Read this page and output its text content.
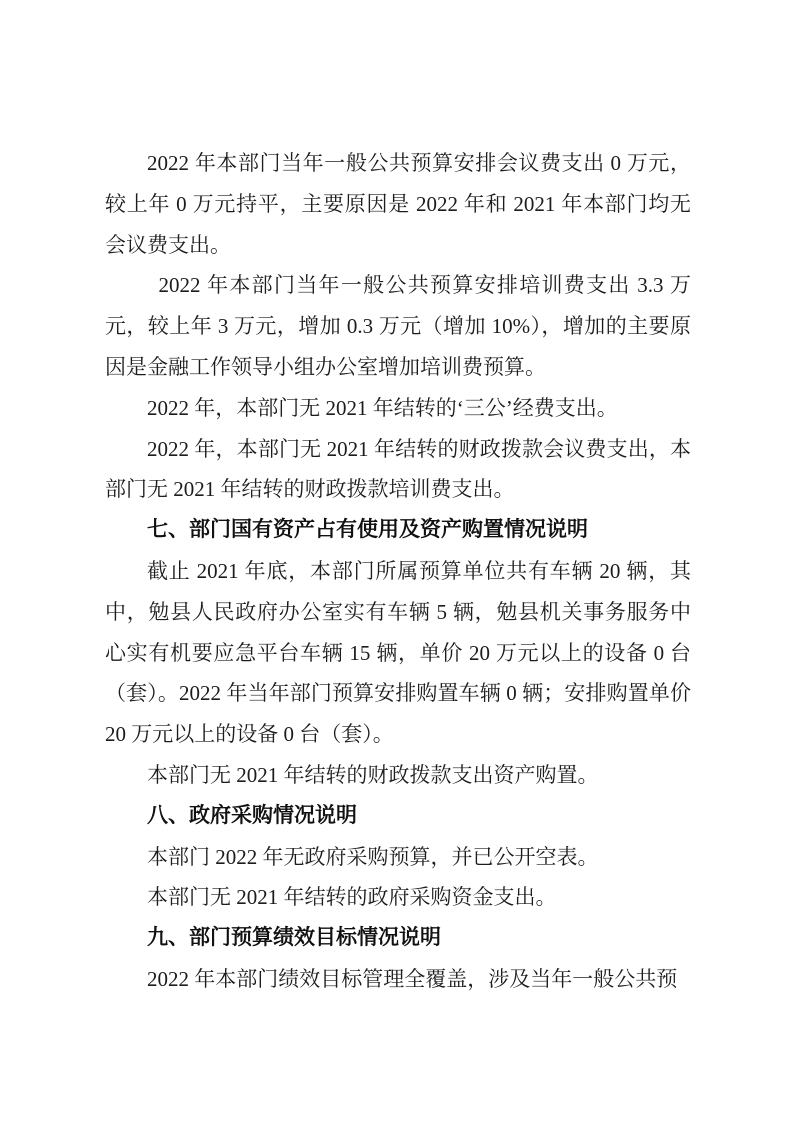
2022 年本部门当年一般公共预算安排会议费支出 0 万元，较上年 0 万元持平，主要原因是 2022 年和 2021 年本部门均无会议费支出。

2022 年本部门当年一般公共预算安排培训费支出 3.3 万元，较上年 3 万元，增加 0.3 万元（增加 10%），增加的主要原因是金融工作领导小组办公室增加培训费预算。

2022 年，本部门无 2021 年结转的‘三公’经费支出。

2022 年，本部门无 2021 年结转的财政拨款会议费支出，本部门无 2021 年结转的财政拨款培训费支出。

七、部门国有资产占有使用及资产购置情况说明

截止 2021 年底，本部门所属预算单位共有车辆 20 辆，其中，勉县人民政府办公室实有车辆 5 辆，勉县机关事务服务中心实有机要应急平台车辆 15 辆，单价 20 万元以上的设备 0 台（套）。2022 年当年部门预算安排购置车辆 0 辆；安排购置单价 20 万元以上的设备 0 台（套）。

本部门无 2021 年结转的财政拨款支出资产购置。

八、政府采购情况说明

本部门 2022 年无政府采购预算，并已公开空表。

本部门无 2021 年结转的政府采购资金支出。

九、部门预算绩效目标情况说明

2022 年本部门绩效目标管理全覆盖，涉及当年一般公共预
